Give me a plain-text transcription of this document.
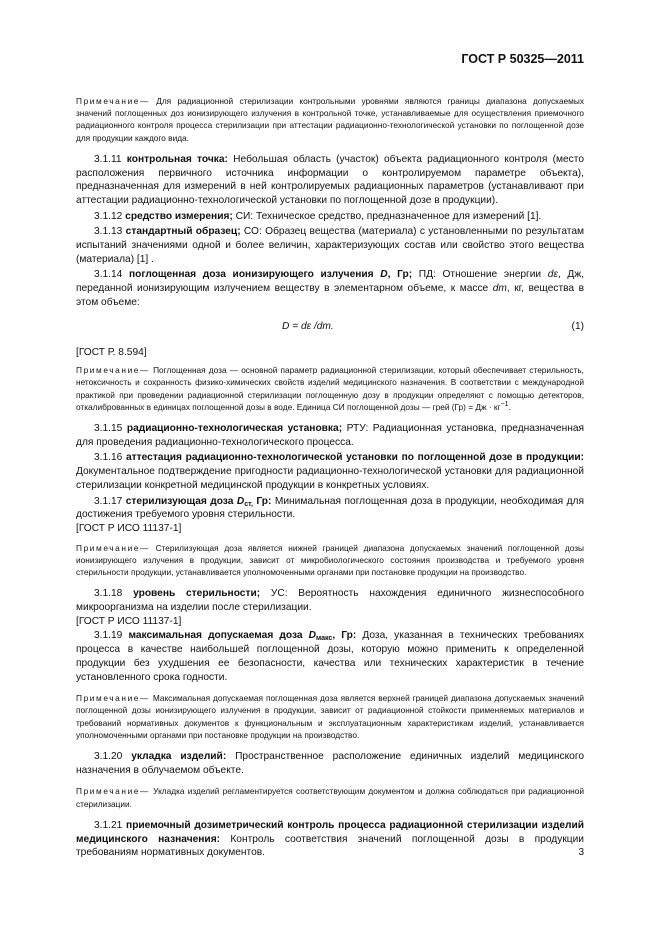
ГОСТ Р 50325—2011

Примечание— Для радиационной стерилизации контрольными уровнями являются границы диапазона допускаемых значений поглощенных доз ионизирующего излучения в контрольной точке, устанавливаемые для осуществления приемочного радиационного контроля процесса стерилизации при аттестации радиационно-технологической установки по поглощенной дозе для продукции каждого вида.

3.1.11 контрольная точка: Небольшая область (участок) объекта радиационного контроля (место расположения первичного источника информации о контролируемом параметре объекта), предназначенная для измерений в ней контролируемых радиационных параметров (устанавливают при аттестации радиационно-технологической установки по поглощенной дозе в продукции).

3.1.12 средство измерения; СИ: Техническое средство, предназначенное для измерений [1].

3.1.13 стандартный образец; СО: Образец вещества (материала) с установленными по результатам испытаний значениями одной и более величин, характеризующих состав или свойство этого вещества (материала) [1] .

3.1.14 поглощенная доза ионизирующего излучения D, Гр; ПД: Отношение энергии dε, Дж, переданной ионизирующим излучением веществу в элементарном объеме, к массе dm, кг, вещества в этом объеме:

D = dε /dm.	(1)
[ГОСТ Р. 8.594]

Примечание— Поглощенная доза — основной параметр радиационной стерилизации, который обеспечивает стерильность, нетоксичность и сохранность физико-химических свойств изделий медицинского назначения. В соответствии с международной практикой при проведении радиационной стерилизации поглощенную дозу в продукции определяют с помощью детекторов, откалиброванных в единицах поглощенной дозы в воде. Единица СИ поглощенной дозы — грей (Гр) = Дж · $кг^{-1}$.

3.1.15 радиационно-технологическая установка; РТУ: Радиационная установка, предназначенная для проведения радиационно-технологического процесса.

3.1.16 аттестация радиационно-технологической установки по поглощенной дозе в продукции: Документальное подтверждение пригодности радиационно-технологической установки для радиационной стерилизации конкретной медицинской продукции в конкретных условиях.

3.1.17 стерилизующая доза $D_{ст,}$ Гр: Минимальная поглощенная доза в продукции, необходимая для достижения требуемого уровня стерильности.

[ГОСТ Р ИСО 11137-1]

Примечание— Стерилизующая доза является нижней границей диапазона допускаемых значений поглощенной дозы ионизирующего излучения в продукции, зависит от микробиологического состояния производства и требуемого уровня стерильности продукции, устанавливается уполномоченными органами при постановке продукции на производство.

3.1.18 уровень стерильности; УС: Вероятность нахождения единичного жизнеспособного микроорганизма на изделии после стерилизации.

[ГОСТ Р ИСО 11137-1]

3.1.19 максимальная допускаемая доза $D_{макс}$, Гр: Доза, указанная в технических требованиях процесса в качестве наибольшей поглощенной дозы, которую можно применить к определенной продукции без ухудшения ее безопасности, качества или технических характеристик в течение установленного срока годности.

Примечание— Максимальная допускаемая поглощенная доза является верхней границей диапазона допускаемых значений поглощенной дозы ионизирующего излучения в продукции, зависит от радиационной стойкости применяемых материалов и требований нормативных документов к функциональным и эксплуатационным характеристикам изделий, устанавливается уполномоченными органами при постановке продукции на производство.

3.1.20 укладка изделий: Пространственное расположение единичных изделий медицинского назначения в облучаемом объекте.

Примечание— Укладка изделий регламентируется соответствующим документом и должна соблюдаться при радиационной стерилизации.

3.1.21 приемочный дозиметрический контроль процесса радиационной стерилизации изделий медицинского назначения: Контроль соответствия значений поглощенной дозы в продукции требованиям нормативных документов.	3
